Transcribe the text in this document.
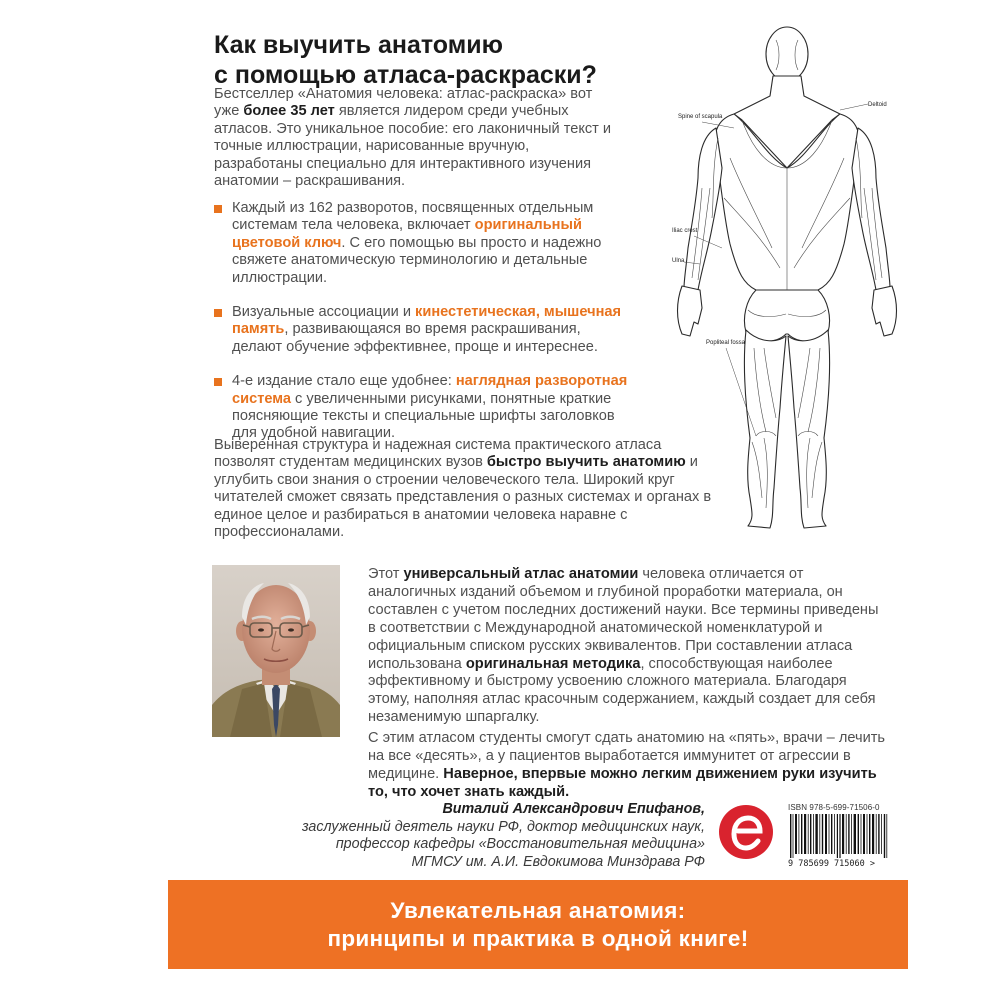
Как выучить анатомию
с помощью атласа-раскраски?

Бестселлер «Анатомия человека: атлас-раскраска» вот уже более 35 лет является лидером среди учебных атласов. Это уникальное пособие: его лаконичный текст и точные иллюстрации, нарисованные вручную, разработаны специально для интерактивного изучения анатомии – раскрашивания.

Каждый из 162 разворотов, посвященных отдельным системам тела человека, включает оригинальный цветовой ключ. С его помощью вы просто и надежно свяжете анатомическую терминологию и детальные иллюстрации.
Визуальные ассоциации и кинестетическая, мышечная память, развивающаяся во время раскрашивания, делают обучение эффективнее, проще и интереснее.
4-е издание стало еще удобнее: наглядная разворотная система с увеличенными рисунками, понятные краткие поясняющие тексты и специальные шрифты заголовков для удобной навигации.

Выверенная структура и надежная система практического атласа позволят студентам медицинских вузов быстро выучить анатомию и углубить свои знания о строении человеческого тела. Широкий круг читателей сможет связать представления о разных системах и органах в единое целое и разбираться в анатомии человека наравне с профессионалами.

Spine of scapula
Deltoid
Iliac crest
Ulna
Popliteal fossa

Этот универсальный атлас анатомии человека отличается от аналогичных изданий объемом и глубиной проработки материала, он составлен с учетом последних достижений науки. Все термины приведены в соответствии с Международной анатомической номенклатурой и официальным списком русских эквивалентов. При составлении атласа использована оригинальная методика, способствующая наиболее эффективному и быстрому усвоению сложного материала. Благодаря этому, наполняя атлас красочным содержанием, каждый создает для себя незаменимую шпаргалку.

С этим атласом студенты смогут сдать анатомию на «пять», врачи – лечить на все «десять», а у пациентов выработается иммунитет от агрессии в медицине. Наверное, впервые можно легким движением руки изучить то, что хочет знать каждый.

Виталий Александрович Епифанов,
заслуженный деятель науки РФ, доктор медицинских наук,
профессор кафедры «Восстановительная медицина»
МГМСУ им. А.И. Евдокимова Минздрава РФ
ISBN 978-5-699-71506-0
9 785699 715060 >
Увлекательная анатомия:
принципы и практика в одной книге!
